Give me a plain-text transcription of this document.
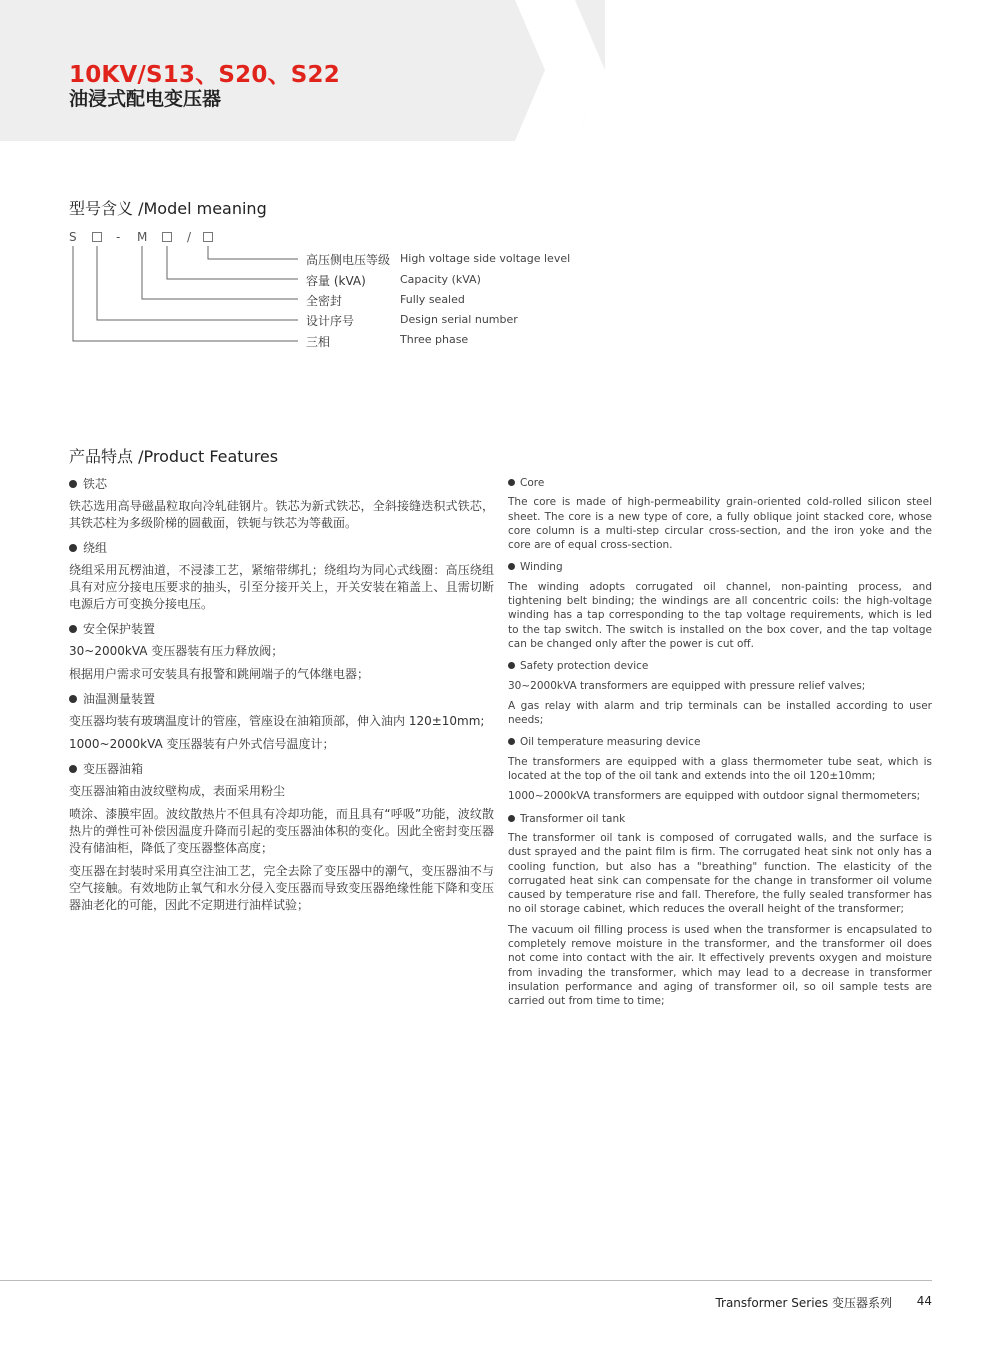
10KV/S13、S20、S22
油浸式配电变压器
型号含义 /Model meaning
S	- M	/
高压侧电压等级 High voltage side voltage level
容量 (kVA)	Capacity (kVA)
全密封	Fully sealed
设计序号	Design serial number
三相	Three phase
产品特点 /Product Features
铁芯
铁芯选用高导磁晶粒取向冷轧硅钢片。铁芯为新式铁芯，全斜接缝迭积式铁芯，其铁芯柱为多级阶梯的圆截面，铁轭与铁芯为等截面。
绕组
绕组采用瓦楞油道，不浸漆工艺，紧缩带绑扎；绕组均为同心式线圈：高压绕组具有对应分接电压要求的抽头，引至分接开关上，开关安装在箱盖上、且需切断电源后方可变换分接电压。
安全保护装置
30~2000kVA 变压器装有压力释放阀；
根据用户需求可安装具有报警和跳闸端子的气体继电器；
油温测量装置
变压器均装有玻璃温度计的管座，管座设在油箱顶部，伸入油内 120±10mm;
1000~2000kVA 变压器装有户外式信号温度计；
变压器油箱
变压器油箱由波纹壁构成，表面采用粉尘
喷涂、漆膜牢固。波纹散热片不但具有冷却功能，而且具有“呼吸”功能，波纹散热片的弹性可补偿因温度升降而引起的变压器油体积的变化。因此全密封变压器没有储油柜，降低了变压器整体高度；
变压器在封装时采用真空注油工艺，完全去除了变压器中的潮气，变压器油不与空气接触。有效地防止氧气和水分侵入变压器而导致变压器绝缘性能下降和变压器油老化的可能，因此不定期进行油样试验；
Core
The core is made of high-permeability grain-oriented cold-rolled silicon steel sheet. The core is a new type of core, a fully oblique joint stacked core, whose core column is a multi-step circular cross-section, and the iron yoke and the core are of equal cross-section.
Winding
The winding adopts corrugated oil channel, non-painting process, and tightening belt binding; the windings are all concentric coils: the high-voltage winding has a tap corresponding to the tap voltage requirements, which is led to the tap switch. The switch is installed on the box cover, and the tap voltage can be changed only after the power is cut off.
Safety protection device
30~2000kVA transformers are equipped with pressure relief valves;
A gas relay with alarm and trip terminals can be installed according to user needs;
Oil temperature measuring device
The transformers are equipped with a glass thermometer tube seat, which is located at the top of the oil tank and extends into the oil 120±10mm;
1000~2000kVA transformers are equipped with outdoor signal thermometers;
Transformer oil tank
The transformer oil tank is composed of corrugated walls, and the surface is dust sprayed and the paint film is firm. The corrugated heat sink not only has a cooling function, but also has a "breathing" function. The elasticity of the corrugated heat sink can compensate for the change in transformer oil volume caused by temperature rise and fall. Therefore, the fully sealed transformer has no oil storage cabinet, which reduces the overall height of the transformer;
The vacuum oil filling process is used when the transformer is encapsulated to completely remove moisture in the transformer, and the transformer oil does not come into contact with the air. It effectively prevents oxygen and moisture from invading the transformer, which may lead to a decrease in transformer insulation performance and aging of transformer oil, so oil sample tests are carried out from time to time;
Transformer Series 变压器系列 44
